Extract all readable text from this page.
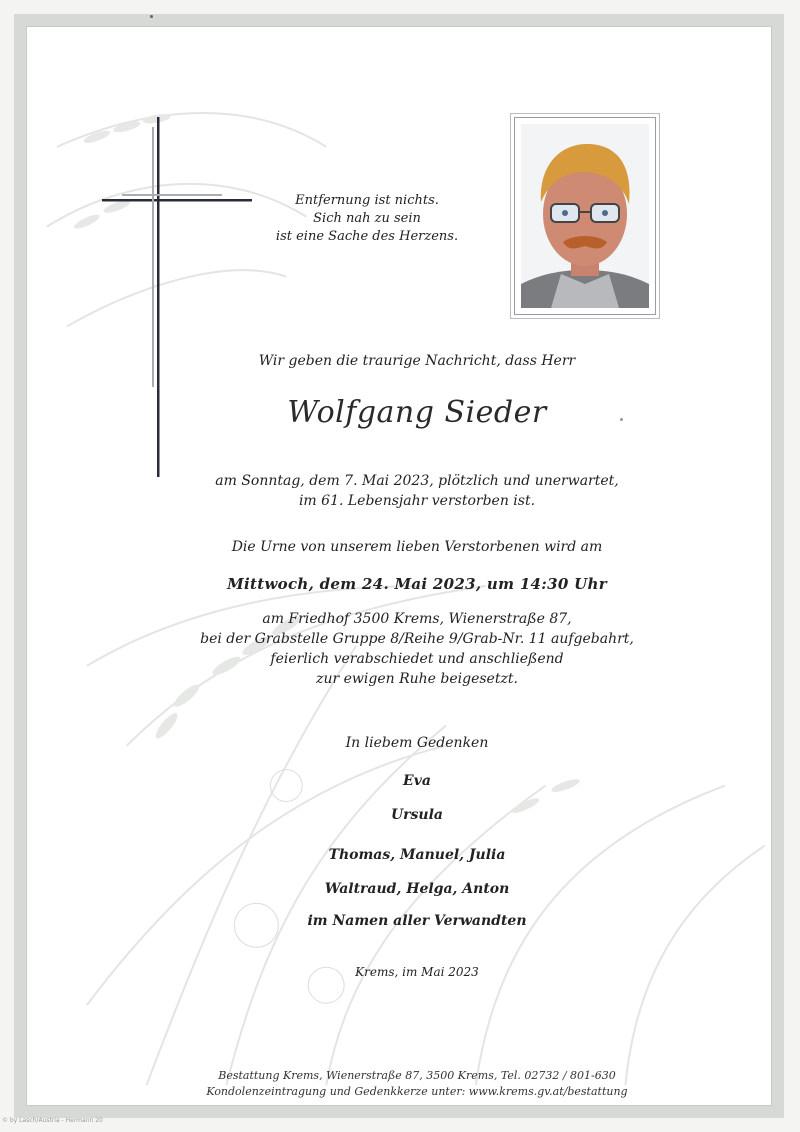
Entfernung ist nichts.
Sich nah zu sein
ist eine Sache des Herzens.
Wir geben die traurige Nachricht, dass Herr
Wolfgang Sieder
am Sonntag, dem 7. Mai 2023, plötzlich und unerwartet,
im 61. Lebensjahr verstorben ist.
Die Urne von unserem lieben Verstorbenen wird am
Mittwoch, dem 24. Mai 2023, um 14:30 Uhr
am Friedhof 3500 Krems, Wienerstraße 87,
bei der Grabstelle Gruppe 8/Reihe 9/Grab-Nr. 11 aufgebahrt,
feierlich verabschiedet und anschließend
zur ewigen Ruhe beigesetzt.
In liebem Gedenken
Eva
Ursula
Thomas, Manuel, Julia
Waltraud, Helga, Anton
im Namen aller Verwandten
Krems, im Mai 2023
Bestattung Krems, Wienerstraße 87, 3500 Krems, Tel. 02732 / 801-630
Kondolenzeintragung und Gedenkkerze unter: www.krems.gv.at/bestattung
© by Lasch/Austria - Hermann 20
